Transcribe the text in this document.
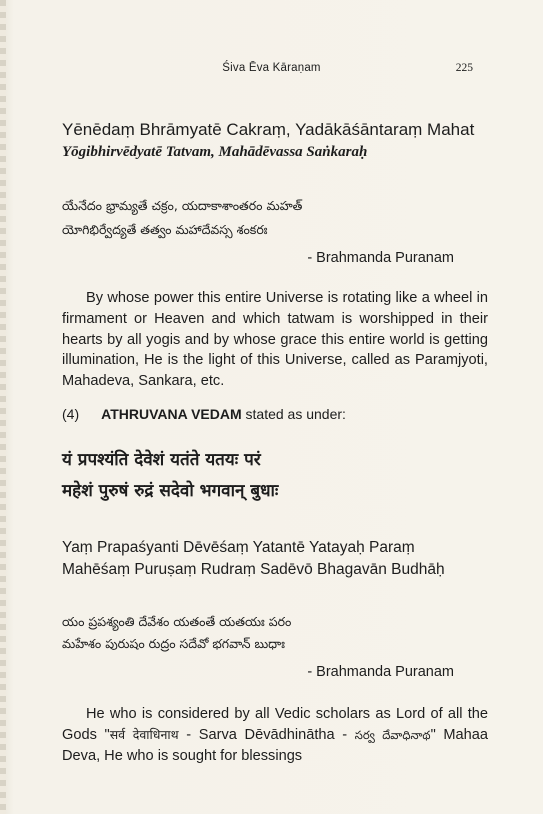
Śiva Ēva Kāraṇam	225
Yēnēdaṃ Bhrāmyatē Cakraṃ, Yadākāśāntaraṃ Mahat
Yōgibhirvēdyatē Tatvam, Mahādēvassa Saṅkaraḥ
యేనేదం భ్రామ్యతే చక్రం, యదాకాశాంతరం మహత్
యోగిభిర్వేద్యతే తత్వం మహాదేవస్స శంకరః
- Brahmanda Puranam
By whose power this entire Universe is rotating like a wheel in firmament or Heaven and which tatwam is worshipped in their hearts by all yogis and by whose grace this entire world is getting illumination, He is the light of this Universe, called as Paramjyoti, Mahadeva, Sankara, etc.
(4) ATHRUVANA VEDAM stated as under:
यं प्रपश्यंति देवेशं यतंते यतयः परं
महेशं पुरुषं रुद्रं सदेवो भगवान् बुधाः
Yaṃ Prapaśyanti Dēvēśaṃ Yatantē Yatayaḥ Paraṃ
Mahēśaṃ Puruṣaṃ Rudraṃ Sadēvō Bhagavān Budhāḥ
యం ప్రపశ్యంతి దేవేశం యతంతే యతయః పరం
మహేశం పురుషం రుద్రం సదేవో భగవాన్ బుధాః
- Brahmanda Puranam
He who is considered by all Vedic scholars as Lord of all the Gods "सर्व देवाधिनाथ - Sarva Dēvādhinātha - సర్వ దేవాధినాథ" Mahaa Deva, He who is sought for blessings
